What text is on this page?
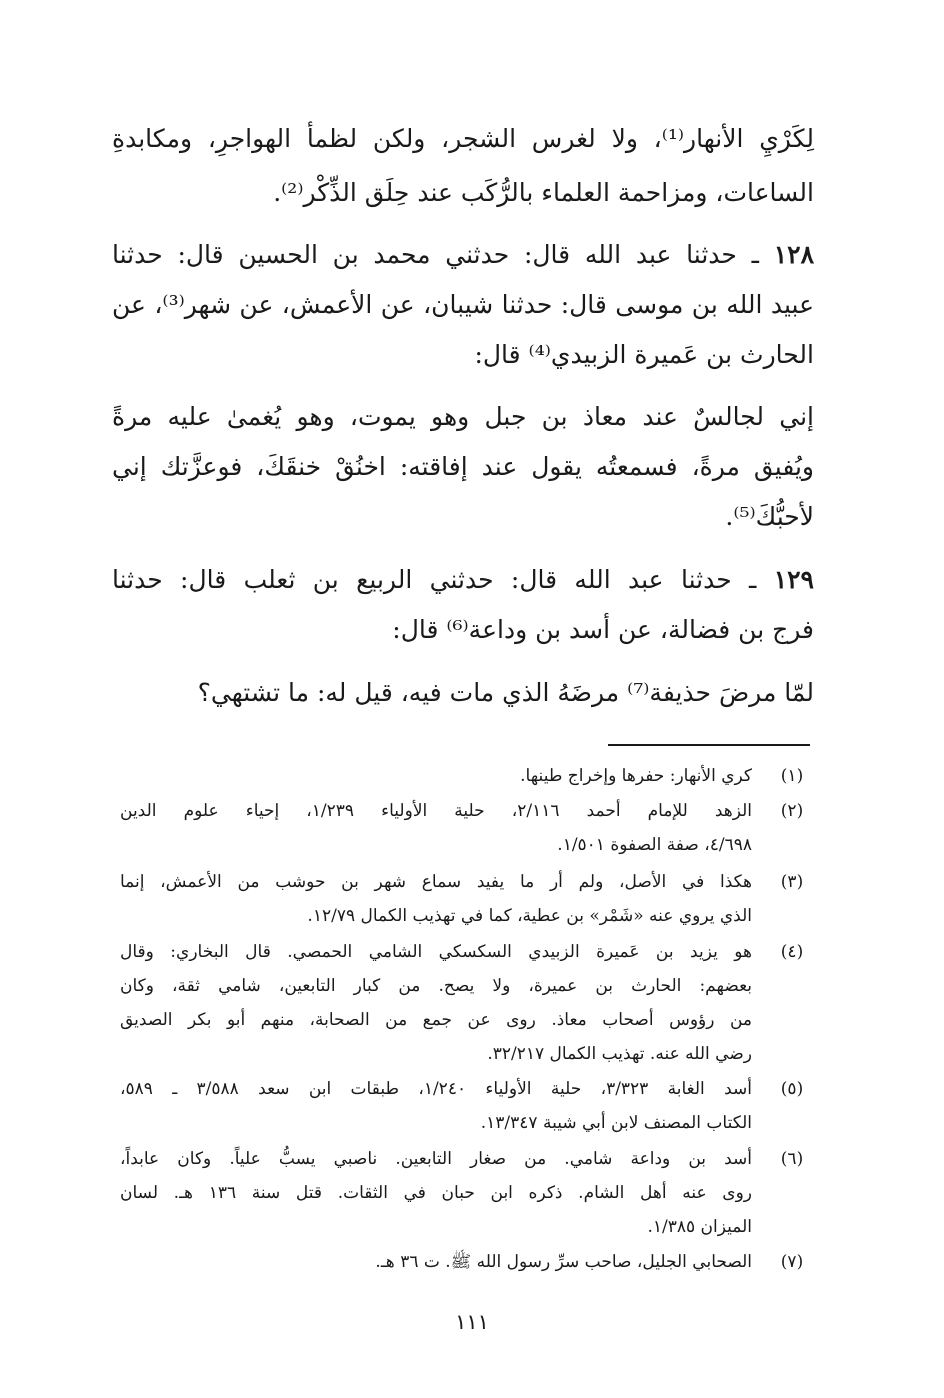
لِكَرْيِ الأنهار⁽¹⁾، ولا لغرس الشجر، ولكن لظمأ الهواجرِ، ومكابدةِ
الساعات، ومزاحمة العلماء بالرُّكَب عند حِلَق الذِّكْر⁽²⁾.
١٢٨ ـ حدثنا عبد الله قال: حدثني محمد بن الحسين قال: حدثنا
عبيد الله بن موسى قال: حدثنا شيبان، عن الأعمش، عن شهر⁽³⁾، عن
الحارث بن عَميرة الزبيدي⁽⁴⁾ قال:
إني لجالسٌ عند معاذ بن جبل وهو يموت، وهو يُغمىٰ عليه مرةً
ويُفيق مرةً، فسمعتُه يقول عند إفاقته: اخنُقْ خنقَكَ، فوعزَّتك إني
لأحبُّكَ⁽⁵⁾.
١٢٩ ـ حدثنا عبد الله قال: حدثني الربيع بن ثعلب قال: حدثنا
فرج بن فضالة، عن أسد بن وداعة⁽⁶⁾ قال:
لمّا مرضَ حذيفة⁽⁷⁾ مرضَهُ الذي مات فيه، قيل له: ما تشتهي؟
(١)
كري الأنهار: حفرها وإخراج طينها.
(٢)
الزهد للإمام أحمد ٢/١١٦، حلية الأولياء ١/٢٣٩، إحياء علوم الدين
٤/٦٩٨، صفة الصفوة ١/٥٠١.
(٣)
هكذا في الأصل، ولم أر ما يفيد سماع شهر بن حوشب من الأعمش، إنما
الذي يروي عنه «شَمْر» بن عطية، كما في تهذيب الكمال ١٢/٧٩.
(٤)
هو يزيد بن عَميرة الزبيدي السكسكي الشامي الحمصي. قال البخاري: وقال
بعضهم: الحارث بن عميرة، ولا يصح. من كبار التابعين، شامي ثقة، وكان
من رؤوس أصحاب معاذ. روى عن جمع من الصحابة، منهم أبو بكر الصديق
رضي الله عنه. تهذيب الكمال ٣٢/٢١٧.
(٥)
أسد الغابة ٣/٣٢٣، حلية الأولياء ١/٢٤٠، طبقات ابن سعد ٣/٥٨٨ ـ ٥٨٩،
الكتاب المصنف لابن أبي شيبة ١٣/٣٤٧.
(٦)
أسد بن وداعة شامي. من صغار التابعين. ناصبي يسبُّ علياً. وكان عابداً،
روى عنه أهل الشام. ذكره ابن حبان في الثقات. قتل سنة ١٣٦ هـ. لسان
الميزان ١/٣٨٥.
(٧)
الصحابي الجليل، صاحب سرِّ رسول الله ﷺ. ت ٣٦ هـ.
١١١
